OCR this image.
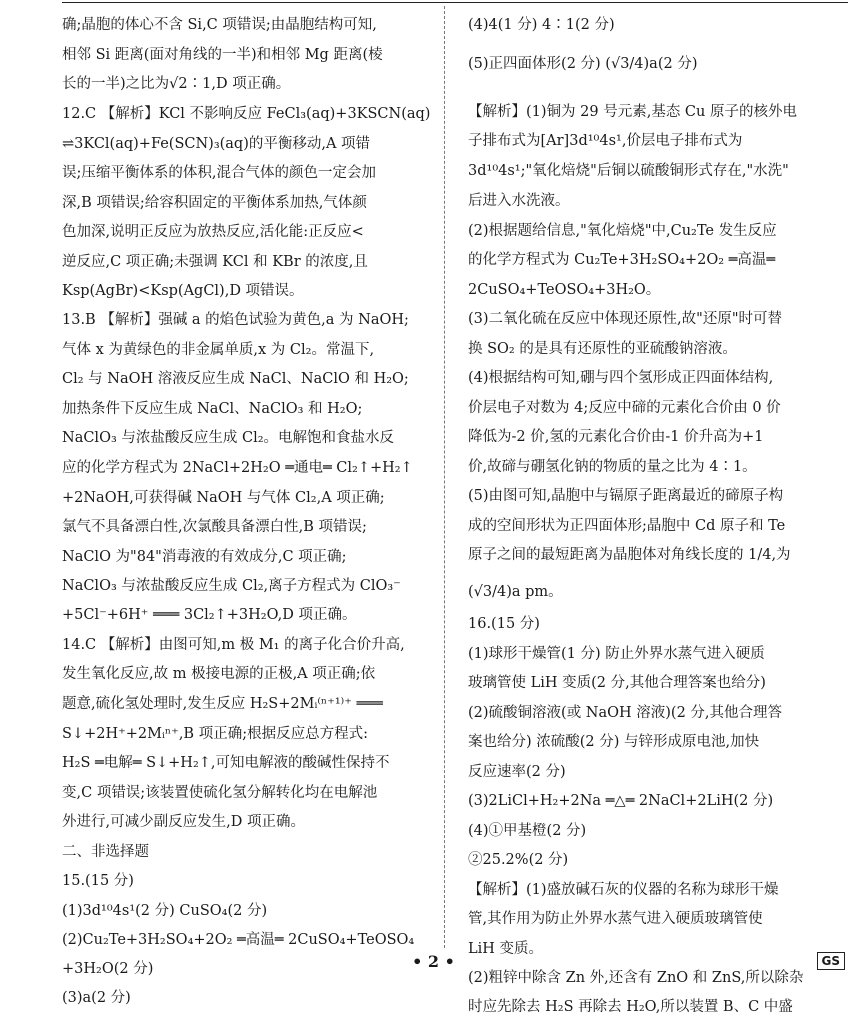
确;晶胞的体心不含 Si,C 项错误;由晶胞结构可知,
相邻 Si 距离(面对角线的一半)和相邻 Mg 距离(棱
长的一半)之比为√2∶1,D 项正确。
12.C 【解析】KCl 不影响反应 FeCl₃(aq)+3KSCN(aq)
⇌3KCl(aq)+Fe(SCN)₃(aq)的平衡移动,A 项错
误;压缩平衡体系的体积,混合气体的颜色一定会加
深,B 项错误;给容积固定的平衡体系加热,气体颜
色加深,说明正反应为放热反应,活化能:正反应<
逆反应,C 项正确;未强调 KCl 和 KBr 的浓度,且
Ksp(AgBr)<Ksp(AgCl),D 项错误。
13.B 【解析】强碱 a 的焰色试验为黄色,a 为 NaOH;
气体 x 为黄绿色的非金属单质,x 为 Cl₂。常温下,
Cl₂ 与 NaOH 溶液反应生成 NaCl、NaClO 和 H₂O;
加热条件下反应生成 NaCl、NaClO₃ 和 H₂O;
NaClO₃ 与浓盐酸反应生成 Cl₂。电解饱和食盐水反
应的化学方程式为 2NaCl+2H₂O ═通电═ Cl₂↑+H₂↑
+2NaOH,可获得碱 NaOH 与气体 Cl₂,A 项正确;
氯气不具备漂白性,次氯酸具备漂白性,B 项错误;
NaClO 为"84"消毒液的有效成分,C 项正确;
NaClO₃ 与浓盐酸反应生成 Cl₂,离子方程式为 ClO₃⁻
+5Cl⁻+6H⁺ ═══ 3Cl₂↑+3H₂O,D 项正确。
14.C 【解析】由图可知,m 极 M₁ 的离子化合价升高,
发生氧化反应,故 m 极接电源的正极,A 项正确;依
题意,硫化氢处理时,发生反应 H₂S+2Mᵢ⁽ⁿ⁺¹⁾⁺ ═══
S↓+2H⁺+2Mᵢⁿ⁺,B 项正确;根据反应总方程式:
H₂S ═电解═ S↓+H₂↑,可知电解液的酸碱性保持不
变,C 项错误;该装置使硫化氢分解转化均在电解池
外进行,可减少副反应发生,D 项正确。
二、非选择题
15.(15 分)
(1)3d¹⁰4s¹(2 分) CuSO₄(2 分)
(2)Cu₂Te+3H₂SO₄+2O₂ ═高温═ 2CuSO₄+TeOSO₄
+3H₂O(2 分)
(3)a(2 分)
(4)4(1 分) 4∶1(2 分)
(5)正四面体形(2 分) (√3/4)a(2 分)
【解析】(1)铜为 29 号元素,基态 Cu 原子的核外电
子排布式为[Ar]3d¹⁰4s¹,价层电子排布式为
3d¹⁰4s¹;"氧化焙烧"后铜以硫酸铜形式存在,"水洗"
后进入水洗液。
(2)根据题给信息,"氧化焙烧"中,Cu₂Te 发生反应
的化学方程式为 Cu₂Te+3H₂SO₄+2O₂ ═高温═
2CuSO₄+TeOSO₄+3H₂O。
(3)二氧化硫在反应中体现还原性,故"还原"时可替
换 SO₂ 的是具有还原性的亚硫酸钠溶液。
(4)根据结构可知,硼与四个氢形成正四面体结构,
价层电子对数为 4;反应中碲的元素化合价由 0 价
降低为-2 价,氢的元素化合价由-1 价升高为+1
价,故碲与硼氢化钠的物质的量之比为 4∶1。
(5)由图可知,晶胞中与镉原子距离最近的碲原子构
成的空间形状为正四面体形;晶胞中 Cd 原子和 Te
原子之间的最短距离为晶胞体对角线长度的 1/4,为
(√3/4)a pm。
16.(15 分)
(1)球形干燥管(1 分) 防止外界水蒸气进入硬质
玻璃管使 LiH 变质(2 分,其他合理答案也给分)
(2)硫酸铜溶液(或 NaOH 溶液)(2 分,其他合理答
案也给分) 浓硫酸(2 分) 与锌形成原电池,加快
反应速率(2 分)
(3)2LiCl+H₂+2Na ═△═ 2NaCl+2LiH(2 分)
(4)①甲基橙(2 分)
②25.2%(2 分)
【解析】(1)盛放碱石灰的仪器的名称为球形干燥
管,其作用为防止外界水蒸气进入硬质玻璃管使
LiH 变质。
(2)粗锌中除含 Zn 外,还含有 ZnO 和 ZnS,所以除杂
时应先除去 H₂S 再除去 H₂O,所以装置 B、C 中盛
• 2 •	GS
